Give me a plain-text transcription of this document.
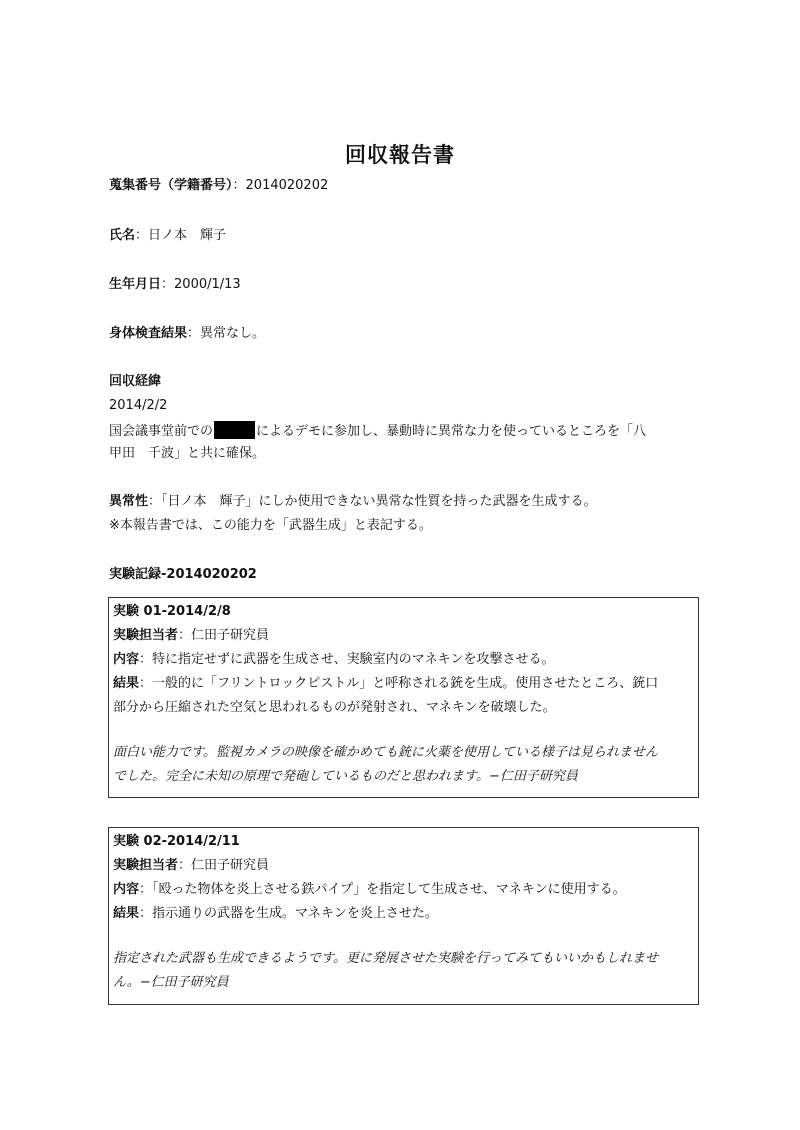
回収報告書
蒐集番号（学籍番号）：2014020202
氏名：日ノ本　輝子
生年月日：2000/1/13
身体検査結果：異常なし。
回収経緯
2014/2/2
国会議事堂前での	によるデモに参加し、暴動時に異常な力を使っているところを「八
甲田　千波」と共に確保。
異常性：「日ノ本　輝子」にしか使用できない異常な性質を持った武器を生成する。
※本報告書では、この能力を「武器生成」と表記する。
実験記録-2014020202
実験 01-2014/2/8
実験担当者：仁田子研究員
内容：特に指定せずに武器を生成させ、実験室内のマネキンを攻撃させる。
結果：一般的に「フリントロックピストル」と呼称される銃を生成。使用させたところ、銃口
部分から圧縮された空気と思われるものが発射され、マネキンを破壊した。
面白い能力です。監視カメラの映像を確かめても銃に火薬を使用している様子は見られません
でした。完全に未知の原理で発砲しているものだと思われます。−仁田子研究員
実験 02-2014/2/11
実験担当者：仁田子研究員
内容：「殴った物体を炎上させる鉄パイプ」を指定して生成させ、マネキンに使用する。
結果：指示通りの武器を生成。マネキンを炎上させた。
指定された武器も生成できるようです。更に発展させた実験を行ってみてもいいかもしれませ
ん。−仁田子研究員
